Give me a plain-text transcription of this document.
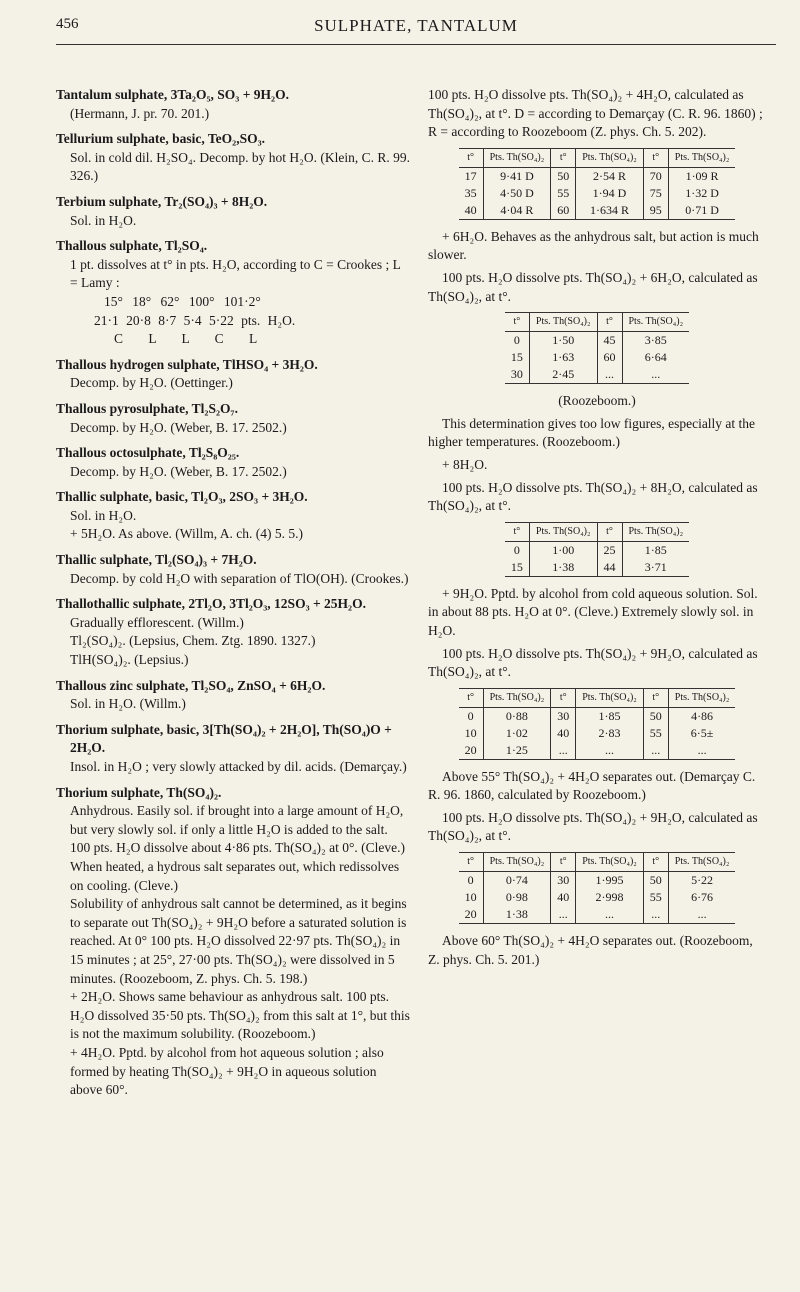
456	SULPHATE, TANTALUM

Tantalum sulphate, 3Ta₂O₅, SO₃ + 9H₂O.

(Hermann, J. pr. 70. 201.)

Tellurium sulphate, basic, TeO₂,SO₃.

Sol. in cold dil. H₂SO₄. Decomp. by hot H₂O. (Klein, C. R. 99. 326.)

Terbium sulphate, Tr₂(SO₄)₃ + 8H₂O.

Sol. in H₂O.

Thallous sulphate, Tl₂SO₄.

1 pt. dissolves at t° in pts. H₂O, according to C = Crookes ; L = Lamy :

15° 18° 62° 100° 101·2°

21·1 20·8 8·7 5·4 5·22 pts. H₂O.

C L L C L

Thallous hydrogen sulphate, TlHSO₄ + 3H₂O.

Decomp. by H₂O. (Oettinger.)

Thallous pyrosulphate, Tl₂S₂O₇.

Decomp. by H₂O. (Weber, B. 17. 2502.)

Thallous octosulphate, Tl₂S₈O₂₅.

Decomp. by H₂O. (Weber, B. 17. 2502.)

Thallic sulphate, basic, Tl₂O₃, 2SO₃ + 3H₂O.

Sol. in H₂O.

+ 5H₂O. As above. (Willm, A. ch. (4) 5. 5.)

Thallic sulphate, Tl₂(SO₄)₃ + 7H₂O.

Decomp. by cold H₂O with separation of TlO(OH). (Crookes.)

Thallothallic sulphate, 2Tl₂O, 3Tl₂O₃, 12SO₃ + 25H₂O.

Gradually efflorescent. (Willm.)

Tl₂(SO₄)₂. (Lepsius, Chem. Ztg. 1890. 1327.)

TlH(SO₄)₂. (Lepsius.)

Thallous zinc sulphate, Tl₂SO₄, ZnSO₄ + 6H₂O.

Sol. in H₂O. (Willm.)

Thorium sulphate, basic, 3[Th(SO₄)₂ + 2H₂O], Th(SO₄)O + 2H₂O.

Insol. in H₂O ; very slowly attacked by dil. acids. (Demarçay.)

Thorium sulphate, Th(SO₄)₂.

Anhydrous. Easily sol. if brought into a large amount of H₂O, but very slowly sol. if only a little H₂O is added to the salt.

100 pts. H₂O dissolve about 4·86 pts. Th(SO₄)₂ at 0°. (Cleve.)

When heated, a hydrous salt separates out, which redissolves on cooling. (Cleve.)

Solubility of anhydrous salt cannot be determined, as it begins to separate out Th(SO₄)₂ + 9H₂O before a saturated solution is reached. At 0° 100 pts. H₂O dissolved 22·97 pts. Th(SO₄)₂ in 15 minutes ; at 25°, 27·00 pts. Th(SO₄)₂ were dissolved in 5 minutes. (Roozeboom, Z. phys. Ch. 5. 198.)

+ 2H₂O. Shows same behaviour as anhydrous salt. 100 pts. H₂O dissolved 35·50 pts. Th(SO₄)₂ from this salt at 1°, but this is not the maximum solubility. (Roozeboom.)

+ 4H₂O. Pptd. by alcohol from hot aqueous solution ; also formed by heating Th(SO₄)₂ + 9H₂O in aqueous solution above 60°.

100 pts. H₂O dissolve pts. Th(SO₄)₂ + 4H₂O, calculated as Th(SO₄)₂, at t°. D = according to Demarçay (C. R. 96. 1860) ; R = according to Roozeboom (Z. phys. Ch. 5. 202).

t°	Pts. Th(SO₄)₂	t°	Pts. Th(SO₄)₂	t°	Pts. Th(SO₄)₂
17	9·41 D	50	2·54 R	70	1·09 R
35	4·50 D	55	1·94 D	75	1·32 D
40	4·04 R	60	1·634 R	95	0·71 D

+ 6H₂O. Behaves as the anhydrous salt, but action is much slower.

100 pts. H₂O dissolve pts. Th(SO₄)₂ + 6H₂O, calculated as Th(SO₄)₂, at t°.

t°	Pts. Th(SO₄)₂	t°	Pts. Th(SO₄)₂
0	1·50	45	3·85
15	1·63	60	6·64
30	2·45	...	...

(Roozeboom.)

This determination gives too low figures, especially at the higher temperatures. (Roozeboom.)

+ 8H₂O.

100 pts. H₂O dissolve pts. Th(SO₄)₂ + 8H₂O, calculated as Th(SO₄)₂, at t°.

t°	Pts. Th(SO₄)₂	t°	Pts. Th(SO₄)₂
0	1·00	25	1·85
15	1·38	44	3·71

+ 9H₂O. Pptd. by alcohol from cold aqueous solution. Sol. in about 88 pts. H₂O at 0°. (Cleve.) Extremely slowly sol. in H₂O.

100 pts. H₂O dissolve pts. Th(SO₄)₂ + 9H₂O, calculated as Th(SO₄)₂, at t°.

t°	Pts. Th(SO₄)₂	t°	Pts. Th(SO₄)₂	t°	Pts. Th(SO₄)₂
0	0·88	30	1·85	50	4·86
10	1·02	40	2·83	55	6·5±
20	1·25	...	...	...	...

Above 55° Th(SO₄)₂ + 4H₂O separates out. (Demarçay C. R. 96. 1860, calculated by Roozeboom.)

100 pts. H₂O dissolve pts. Th(SO₄)₂ + 9H₂O, calculated as Th(SO₄)₂, at t°.

t°	Pts. Th(SO₄)₂	t°	Pts. Th(SO₄)₂	t°	Pts. Th(SO₄)₂
0	0·74	30	1·995	50	5·22
10	0·98	40	2·998	55	6·76
20	1·38	...	...	...	...

Above 60° Th(SO₄)₂ + 4H₂O separates out. (Roozeboom, Z. phys. Ch. 5. 201.)
